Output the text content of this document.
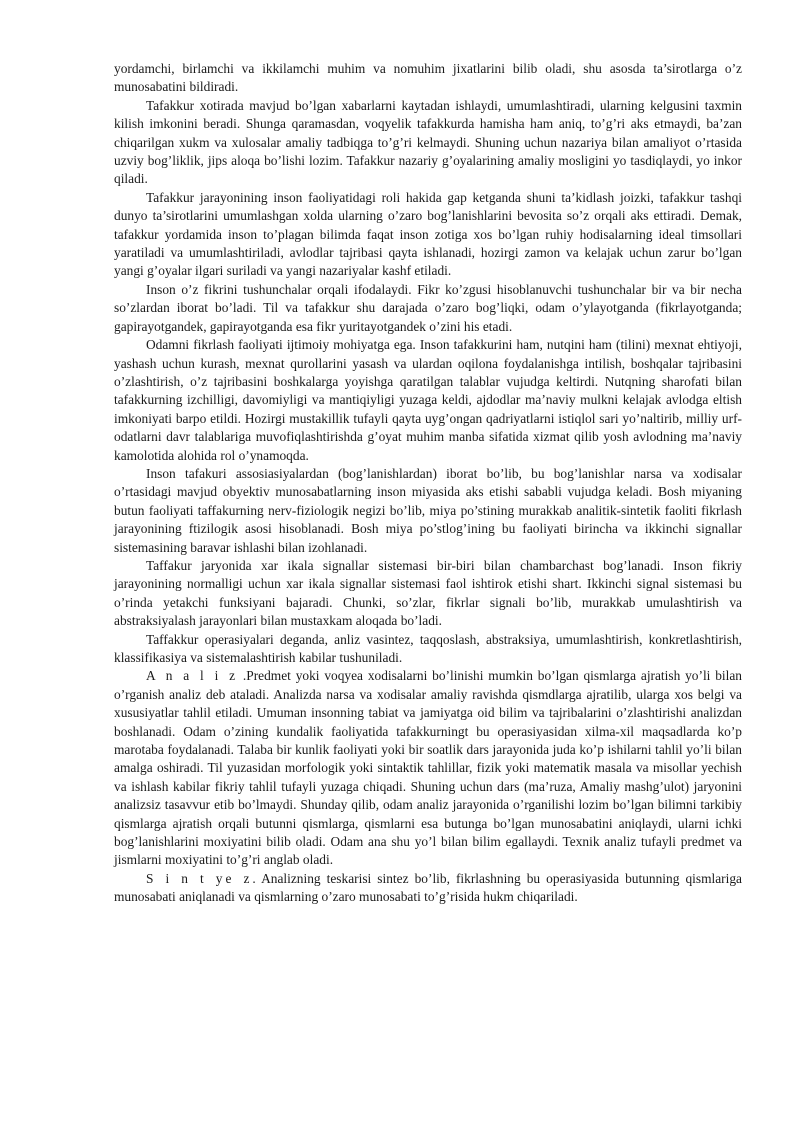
yordamchi, birlamchi va ikkilamchi muhim va nomuhim jixatlarini bilib oladi, shu asosda ta’sirotlarga o’z munosabatini bildiradi.

Tafakkur xotirada mavjud bo’lgan xabarlarni kaytadan ishlaydi, umumlashtiradi, ularning kelgusini taxmin kilish imkonini beradi. Shunga qaramasdan, voqyelik tafakkurda hamisha ham aniq, to’g’ri aks etmaydi, ba’zan chiqarilgan xukm va xulosalar amaliy tadbiqga to’g’ri kelmaydi. Shuning uchun nazariya bilan amaliyot o’rtasida uzviy bog’liklik, jips aloqa bo’lishi lozim. Tafakkur nazariy g’oyalarining amaliy mosligini yo tasdiqlaydi, yo inkor qiladi.

Tafakkur jarayonining inson faoliyatidagi roli hakida gap ketganda shuni ta’kidlash joizki, tafakkur tashqi dunyo ta’sirotlarini umumlashgan xolda ularning o’zaro bog’lanishlarini bevosita so’z orqali aks ettiradi. Demak, tafakkur yordamida inson to’plagan bilimda faqat inson zotiga xos bo’lgan ruhiy hodisalarning ideal timsollari yaratiladi va umumlashtiriladi, avlodlar tajribasi qayta ishlanadi, hozirgi zamon va kelajak uchun zarur bo’lgan yangi g’oyalar ilgari suriladi va yangi nazariyalar kashf etiladi.

Inson o’z fikrini tushunchalar orqali ifodalaydi. Fikr ko’zgusi hisoblanuvchi tushunchalar bir va bir necha so’zlardan iborat bo’ladi. Til va tafakkur shu darajada o’zaro bog’liqki, odam o’ylayotganda (fikrlayotganda; gapirayotgandek, gapirayotganda esa fikr yuritayotgandek o’zini his etadi.

Odamni fikrlash faoliyati ijtimoiy mohiyatga ega. Inson tafakkurini ham, nutqini ham (tilini) mexnat ehtiyoji, yashash uchun kurash, mexnat qurollarini yasash va ulardan oqilona foydalanishga intilish, boshqalar tajribasini o’zlashtirish, o’z tajribasini boshkalarga yoyishga qaratilgan talablar vujudga keltirdi. Nutqning sharofati bilan tafakkurning izchilligi, davomiyligi va mantiqiyligi yuzaga keldi, ajdodlar ma’naviy mulkni kelajak avlodga eltish imkoniyati barpo etildi. Hozirgi mustakillik tufayli qayta uyg’ongan qadriyatlarni istiqlol sari yo’naltirib, milliy urf-odatlarni davr talablariga muvofiqlashtirishda g’oyat muhim manba sifatida xizmat qilib yosh avlodning ma’naviy kamolotida alohida rol o’ynamoqda.

Inson tafakuri assosiasiyalardan (bog’lanishlardan) iborat bo’lib, bu bog’lanishlar narsa va xodisalar o’rtasidagi mavjud obyektiv munosabatlarning inson miyasida aks etishi sababli vujudga keladi. Bosh miyaning butun faoliyati taffakurning nerv-fiziologik negizi bo’lib, miya po’stining murakkab analitik-sintetik faoliti fikrlash jarayonining ftizilogik asosi hisoblanadi. Bosh miya po’stlog’ining bu faoliyati birincha va ikkinchi signallar sistemasining baravar ishlashi bilan izohlanadi.

Taffakur jaryonida xar ikala signallar sistemasi bir-biri bilan chambarchast bog’lanadi. Inson fikriy jarayonining normalligi uchun xar ikala signallar sistemasi faol ishtirok etishi shart. Ikkinchi signal sistemasi bu o’rinda yetakchi funksiyani bajaradi. Chunki, so’zlar, fikrlar signali bo’lib, murakkab umulashtirish va abstraksiyalash jarayonlari bilan mustaxkam aloqada bo’ladi.

Taffakkur operasiyalari deganda, anliz vasintez, taqqoslash, abstraksiya, umumlashtirish, konkretlashtirish, klassifikasiya va sistemalashtirish kabilar tushuniladi.

A n a l i z .Predmet yoki voqyea xodisalarni bo’linishi mumkin bo’lgan qismlarga ajratish yo’li bilan o’rganish analiz deb ataladi. Analizda narsa va xodisalar amaliy ravishda qismdlarga ajratilib, ularga xos belgi va xususiyatlar tahlil etiladi. Umuman insonning tabiat va jamiyatga oid bilim va tajribalarini o’zlashtirishi analizdan boshlanadi. Odam o’zining kundalik faoliyatida tafakkurningt bu operasiyasidan xilma-xil maqsadlarda ko’p marotaba foydalanadi. Talaba bir kunlik faoliyati yoki bir soatlik dars jarayonida juda ko’p ishilarni tahlil yo’li bilan amalga oshiradi. Til yuzasidan morfologik yoki sintaktik tahlillar, fizik yoki matematik masala va misollar yechish va ishlash kabilar fikriy tahlil tufayli yuzaga chiqadi. Shuning uchun dars (ma’ruza, Amaliy mashg’ulot) jaryonini analizsiz tasavvur etib bo’lmaydi. Shunday qilib, odam analiz jarayonida o’rganilishi lozim bo’lgan bilimni tarkibiy qismlarga ajratish orqali butunni qismlarga, qismlarni esa butunga bo’lgan munosabatini aniqlaydi, ularni ichki bog’lanishlarini moxiyatini bilib oladi. Odam ana shu yo’l bilan bilim egallaydi. Texnik analiz tufayli predmet va jismlarni moxiyatini to’g’ri anglab oladi.

S i n t ye z. Analizning teskarisi sintez bo’lib, fikrlashning bu operasiyasida butunning qismlariga munosabati aniqlanadi va qismlarning o’zaro munosabati to’g’risida hukm chiqariladi.
